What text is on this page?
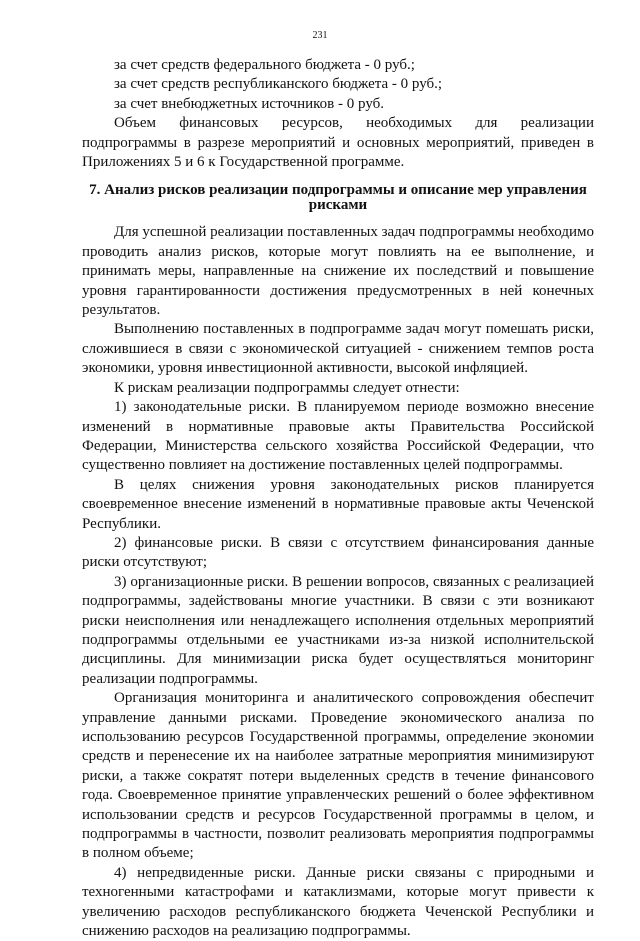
231

за счет средств федерального бюджета - 0 руб.;

за счет средств республиканского бюджета - 0 руб.;

за счет внебюджетных источников - 0 руб.

Объем финансовых ресурсов, необходимых для реализации подпрограммы в разрезе мероприятий и основных мероприятий, приведен в Приложениях 5 и 6 к Государственной программе.

7. Анализ рисков реализации подпрограммы и описание мер управления рисками

Для успешной реализации поставленных задач подпрограммы необходимо проводить анализ рисков, которые могут повлиять на ее выполнение, и принимать меры, направленные на снижение их последствий и повышение уровня гарантированности достижения предусмотренных в ней конечных результатов.

Выполнению поставленных в подпрограмме задач могут помешать риски, сложившиеся в связи с экономической ситуацией - снижением темпов роста экономики, уровня инвестиционной активности, высокой инфляцией.

К рискам реализации подпрограммы следует отнести:

1) законодательные риски. В планируемом периоде возможно внесение изменений в нормативные правовые акты Правительства Российской Федерации, Министерства сельского хозяйства Российской Федерации, что существенно повлияет на достижение поставленных целей подпрограммы.

В целях снижения уровня законодательных рисков планируется своевременное внесение изменений в нормативные правовые акты Чеченской Республики.

2) финансовые риски. В связи с отсутствием финансирования данные риски отсутствуют;

3) организационные риски. В решении вопросов, связанных с реализацией подпрограммы, задействованы многие участники. В связи с эти возникают риски неисполнения или ненадлежащего исполнения отдельных мероприятий подпрограммы отдельными ее участниками из-за низкой исполнительской дисциплины. Для минимизации риска будет осуществляться мониторинг реализации подпрограммы.

Организация мониторинга и аналитического сопровождения обеспечит управление данными рисками. Проведение экономического анализа по использованию ресурсов Государственной программы, определение экономии средств и перенесение их на наиболее затратные мероприятия минимизируют риски, а также сократят потери выделенных средств в течение финансового года. Своевременное принятие управленческих решений о более эффективном использовании средств и ресурсов Государственной программы в целом, и подпрограммы в частности, позволит реализовать мероприятия подпрограммы в полном объеме;

4) непредвиденные риски. Данные риски связаны с природными и техногенными катастрофами и катаклизмами, которые могут привести к увеличению расходов республиканского бюджета Чеченской Республики и снижению расходов на реализацию подпрограммы.
